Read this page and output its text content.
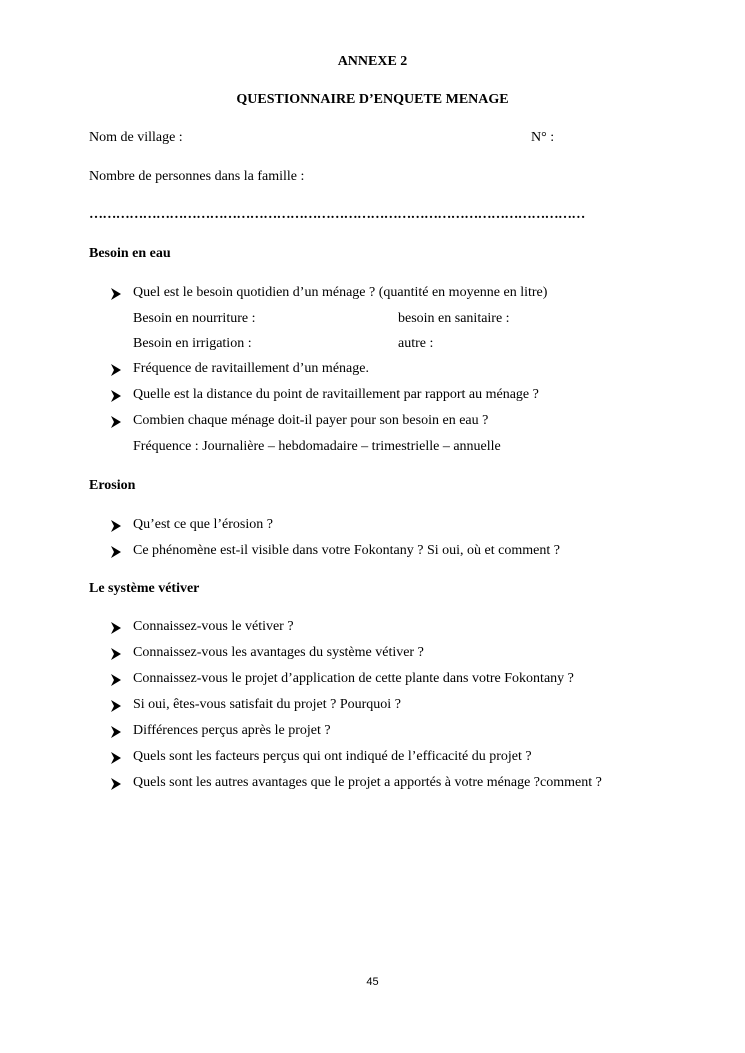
ANNEXE 2
QUESTIONNAIRE D’ENQUETE MENAGE
Nom de village :	N° :
Nombre de personnes dans la famille :
…………………………………………………………………………………………………
Besoin en eau
Quel est le besoin quotidien d’un ménage ? (quantité en moyenne en litre)
Besoin en nourriture :	besoin en sanitaire :
Besoin en irrigation :	autre :
Fréquence de ravitaillement d’un ménage.
Quelle est la distance du point de ravitaillement par rapport au ménage ?
Combien chaque ménage doit-il payer pour son besoin en eau ?
Fréquence : Journalière – hebdomadaire – trimestrielle – annuelle
Erosion
Qu’est ce que l’érosion ?
Ce phénomène est-il visible dans votre Fokontany ? Si oui, où et comment ?
Le système vétiver
Connaissez-vous le vétiver ?
Connaissez-vous les avantages du système vétiver ?
Connaissez-vous le projet d’application de cette plante dans votre Fokontany ?
Si oui, êtes-vous satisfait du projet ? Pourquoi ?
Différences perçus après le projet ?
Quels sont les facteurs perçus qui ont indiqué de l’efficacité du projet ?
Quels sont les autres avantages que le projet a apportés à votre ménage ?comment ?
45
